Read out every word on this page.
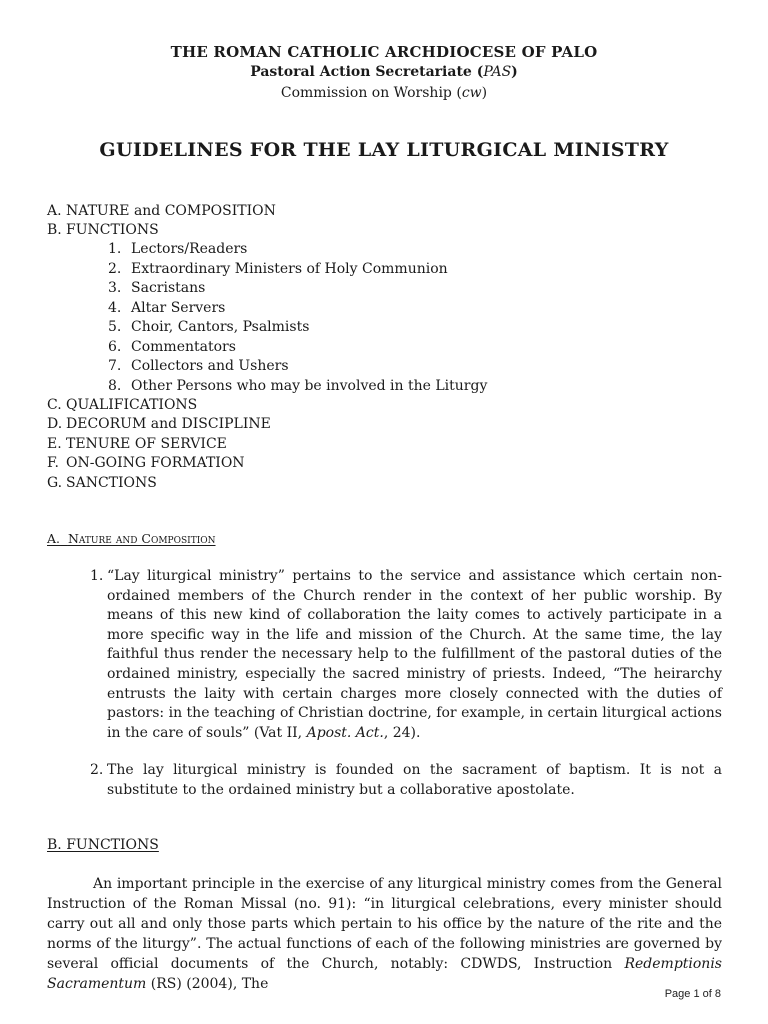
THE ROMAN CATHOLIC ARCHDIOCESE OF PALO
Pastoral Action Secretariate (PAS)
Commission on Worship (cw)
GUIDELINES FOR THE LAY LITURGICAL MINISTRY
A. NATURE and COMPOSITION
B. FUNCTIONS
1. Lectors/Readers
2. Extraordinary Ministers of Holy Communion
3. Sacristans
4. Altar Servers
5. Choir, Cantors, Psalmists
6. Commentators
7. Collectors and Ushers
8. Other Persons who may be involved in the Liturgy
C. QUALIFICATIONS
D. DECORUM and DISCIPLINE
E. TENURE OF SERVICE
F. ON-GOING FORMATION
G. SANCTIONS
A. Nature and Composition
1. “Lay liturgical ministry” pertains to the service and assistance which certain non-ordained members of the Church render in the context of her public worship. By means of this new kind of collaboration the laity comes to actively participate in a more specific way in the life and mission of the Church. At the same time, the lay faithful thus render the necessary help to the fulfillment of the pastoral duties of the ordained ministry, especially the sacred ministry of priests. Indeed, “The heirarchy entrusts the laity with certain charges more closely connected with the duties of pastors: in the teaching of Christian doctrine, for example, in certain liturgical actions in the care of souls” (Vat II, Apost. Act., 24).
2. The lay liturgical ministry is founded on the sacrament of baptism. It is not a substitute to the ordained ministry but a collaborative apostolate.
B. FUNCTIONS
An important principle in the exercise of any liturgical ministry comes from the General Instruction of the Roman Missal (no. 91): “in liturgical celebrations, every minister should carry out all and only those parts which pertain to his office by the nature of the rite and the norms of the liturgy”. The actual functions of each of the following ministries are governed by several official documents of the Church, notably: CDWDS, Instruction Redemptionis Sacramentum (RS) (2004), The
Page 1 of 8
